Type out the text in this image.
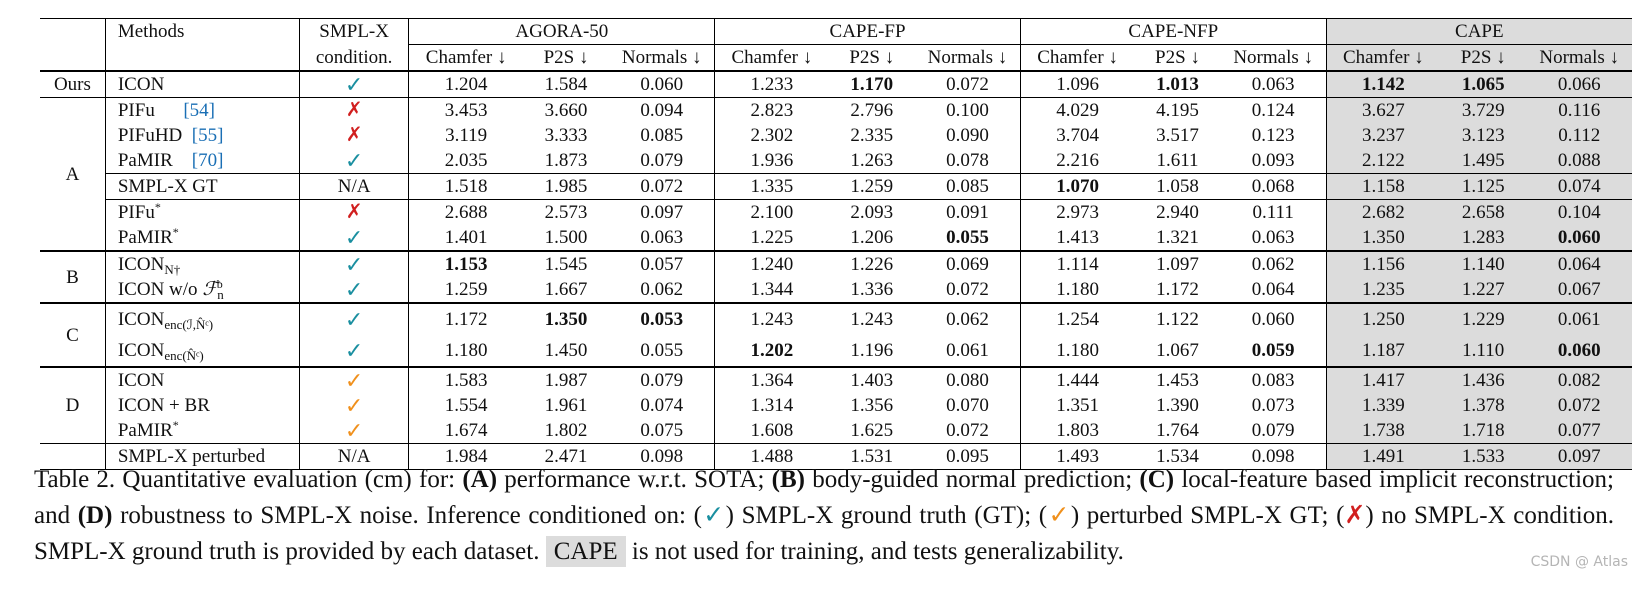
	Methods	SMPL-X	AGORA-50			CAPE-FP			CAPE-NFP			CAPE		
		condition.	Chamfer ↓	P2S ↓	Normals ↓	Chamfer ↓	P2S ↓	Normals ↓	Chamfer ↓	P2S ↓	Normals ↓	Chamfer ↓	P2S ↓	Normals ↓
Ours	ICON	✓	1.204	1.584	0.060	1.233	1.170	0.072	1.096	1.013	0.063	1.142	1.065	0.066
A	PIFu [54]	✗	3.453	3.660	0.094	2.823	2.796	0.100	4.029	4.195	0.124	3.627	3.729	0.116
	PIFuHD [55]	✗	3.119	3.333	0.085	2.302	2.335	0.090	3.704	3.517	0.123	3.237	3.123	0.112
	PaMIR [70]	✓	2.035	1.873	0.079	1.936	1.263	0.078	2.216	1.611	0.093	2.122	1.495	0.088
	SMPL-X GT	N/A	1.518	1.985	0.072	1.335	1.259	0.085	1.070	1.058	0.068	1.158	1.125	0.074
	PIFu*	✗	2.688	2.573	0.097	2.100	2.093	0.091	2.973	2.940	0.111	2.682	2.658	0.104
	PaMIR*	✓	1.401	1.500	0.063	1.225	1.206	0.055	1.413	1.321	0.063	1.350	1.283	0.060
B	$ICON_{N\dagger}$	✓	1.153	1.545	0.057	1.240	1.226	0.069	1.114	1.097	0.062	1.156	1.140	0.064
	ICON w/o ℱ$_n^b$	✓	1.259	1.667	0.062	1.344	1.336	0.072	1.180	1.172	0.064	1.235	1.227	0.067
C	$ICON_{enc(ℐ,N̂ᶜ)}$	✓	1.172	1.350	0.053	1.243	1.243	0.062	1.254	1.122	0.060	1.250	1.229	0.061
	$ICON_{enc(N̂ᶜ)}$	✓	1.180	1.450	0.055	1.202	1.196	0.061	1.180	1.067	0.059	1.187	1.110	0.060
D	ICON	✓	1.583	1.987	0.079	1.364	1.403	0.080	1.444	1.453	0.083	1.417	1.436	0.082
	ICON + BR	✓	1.554	1.961	0.074	1.314	1.356	0.070	1.351	1.390	0.073	1.339	1.378	0.072
	PaMIR*	✓	1.674	1.802	0.075	1.608	1.625	0.072	1.803	1.764	0.079	1.738	1.718	0.077
	SMPL-X perturbed	N/A	1.984	2.471	0.098	1.488	1.531	0.095	1.493	1.534	0.098	1.491	1.533	0.097
Table 2. Quantitative evaluation (cm) for: (A) performance w.r.t. SOTA; (B) body-guided normal prediction; (C) local-feature based implicit reconstruction; and (D) robustness to SMPL-X noise. Inference conditioned on: (✓) SMPL-X ground truth (GT); (✓) perturbed SMPL-X GT; (✗) no SMPL-X condition. SMPL-X ground truth is provided by each dataset. CAPE is not used for training, and tests generalizability.	CSDN @ Atlas
